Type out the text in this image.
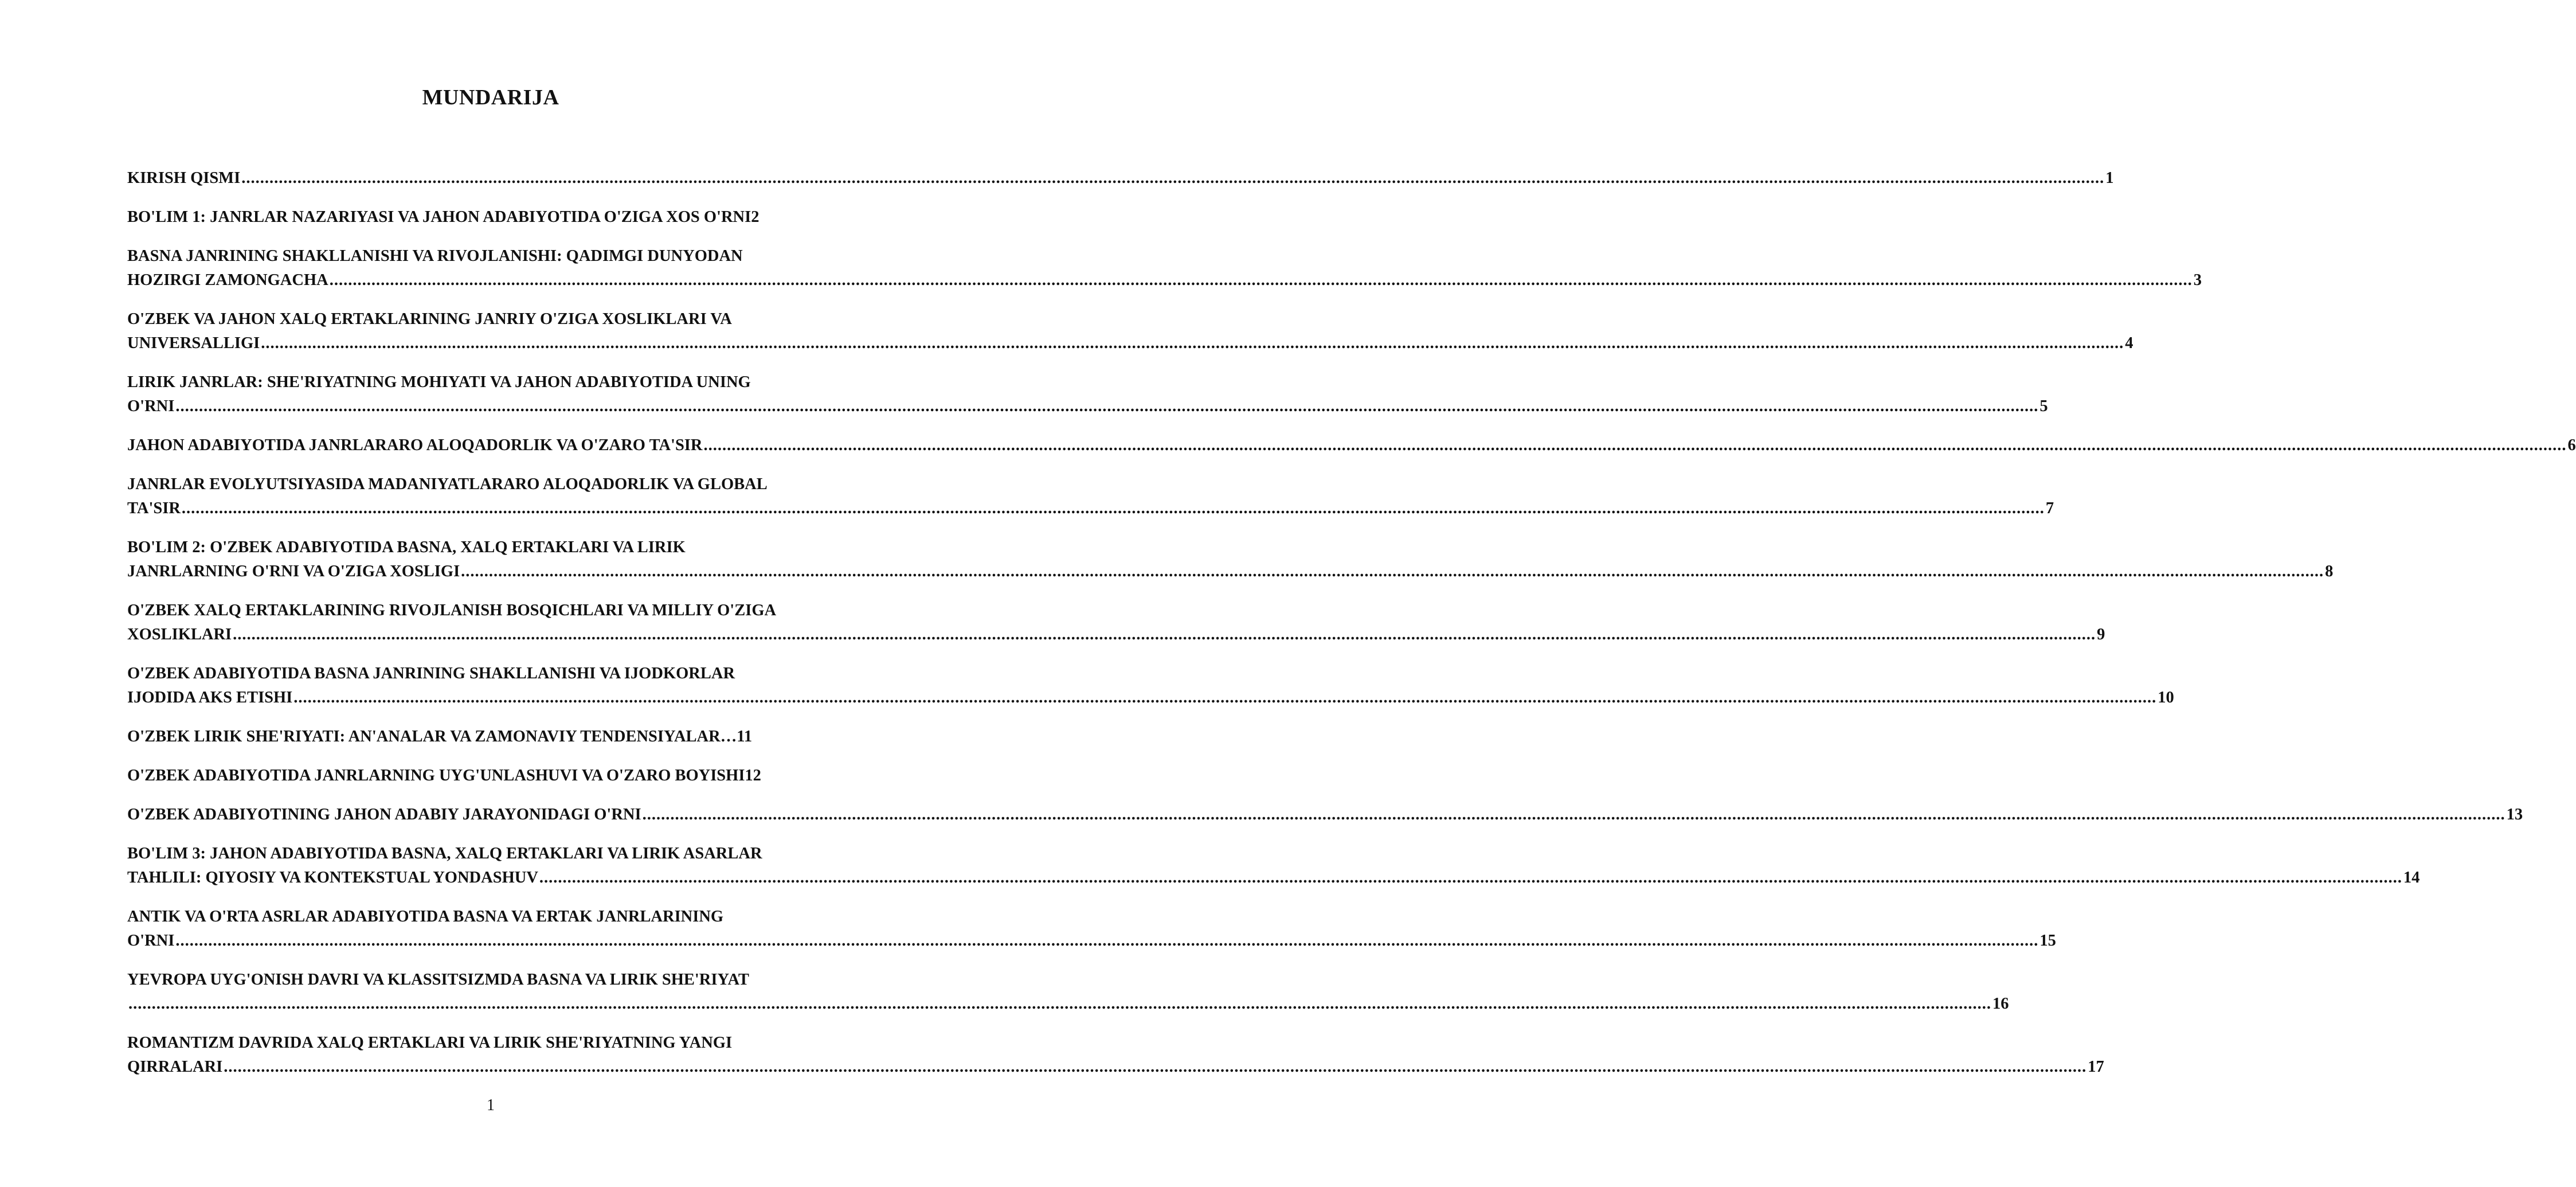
MUNDARIJA
KIRISH QISMI ................................................................................................................................................................................................................................................................................................................................................................................................................ 1
BO'LIM 1: JANRLAR NAZARIYASI VA JAHON ADABIYOTIDA O'ZIGA XOS O'RNI 2
BASNA JANRINING SHAKLLANISHI VA RIVOJLANISHI: QADIMGI DUNYODAN
HOZIRGI ZAMONGACHA ................................................................................................................................................................................................................................................................................................................................................................................................................ 3
O'ZBEK VA JAHON XALQ ERTAKLARINING JANRIY O'ZIGA XOSLIKLARI VA
UNIVERSALLIGI ................................................................................................................................................................................................................................................................................................................................................................................................................ 4
LIRIK JANRLAR: SHE'RIYATNING MOHIYATI VA JAHON ADABIYOTIDA UNING
O'RNI ................................................................................................................................................................................................................................................................................................................................................................................................................ 5
JAHON ADABIYOTIDA JANRLARARO ALOQADORLIK VA O'ZARO TA'SIR ................................................................................................................................................................................................................................................................................................................................................................................................................ 6
JANRLAR EVOLYUTSIYASIDA MADANIYATLARARO ALOQADORLIK VA GLOBAL
TA'SIR ................................................................................................................................................................................................................................................................................................................................................................................................................ 7
BO'LIM 2: O'ZBEK ADABIYOTIDA BASNA, XALQ ERTAKLARI VA LIRIK
JANRLARNING O'RNI VA O'ZIGA XOSLIGI ................................................................................................................................................................................................................................................................................................................................................................................................................ 8
O'ZBEK XALQ ERTAKLARINING RIVOJLANISH BOSQICHLARI VA MILLIY O'ZIGA
XOSLIKLARI ................................................................................................................................................................................................................................................................................................................................................................................................................ 9
O'ZBEK ADABIYOTIDA BASNA JANRINING SHAKLLANISHI VA IJODKORLAR
IJODIDA AKS ETISHI ................................................................................................................................................................................................................................................................................................................................................................................................................ 10
O'ZBEK LIRIK SHE'RIYATI: AN'ANALAR VA ZAMONAVIY TENDENSIYALAR… 11
O'ZBEK ADABIYOTIDA JANRLARNING UYG'UNLASHUVI VA O'ZARO BOYISHI 12
O'ZBEK ADABIYOTINING JAHON ADABIY JARAYONIDAGI O'RNI ................................................................................................................................................................................................................................................................................................................................................................................................................ 13
BO'LIM 3: JAHON ADABIYOTIDA BASNA, XALQ ERTAKLARI VA LIRIK ASARLAR
TAHLILI: QIYOSIY VA KONTEKSTUAL YONDASHUV ................................................................................................................................................................................................................................................................................................................................................................................................................ 14
ANTIK VA O'RTA ASRLAR ADABIYOTIDA BASNA VA ERTAK JANRLARINING
O'RNI ................................................................................................................................................................................................................................................................................................................................................................................................................ 15
YEVROPA UYG'ONISH DAVRI VA KLASSITSIZMDA BASNA VA LIRIK SHE'RIYAT
................................................................................................................................................................................................................................................................................................................................................................................................................ 16
ROMANTIZM DAVRIDA XALQ ERTAKLARI VA LIRIK SHE'RIYATNING YANGI
QIRRALARI ................................................................................................................................................................................................................................................................................................................................................................................................................ 17
1
